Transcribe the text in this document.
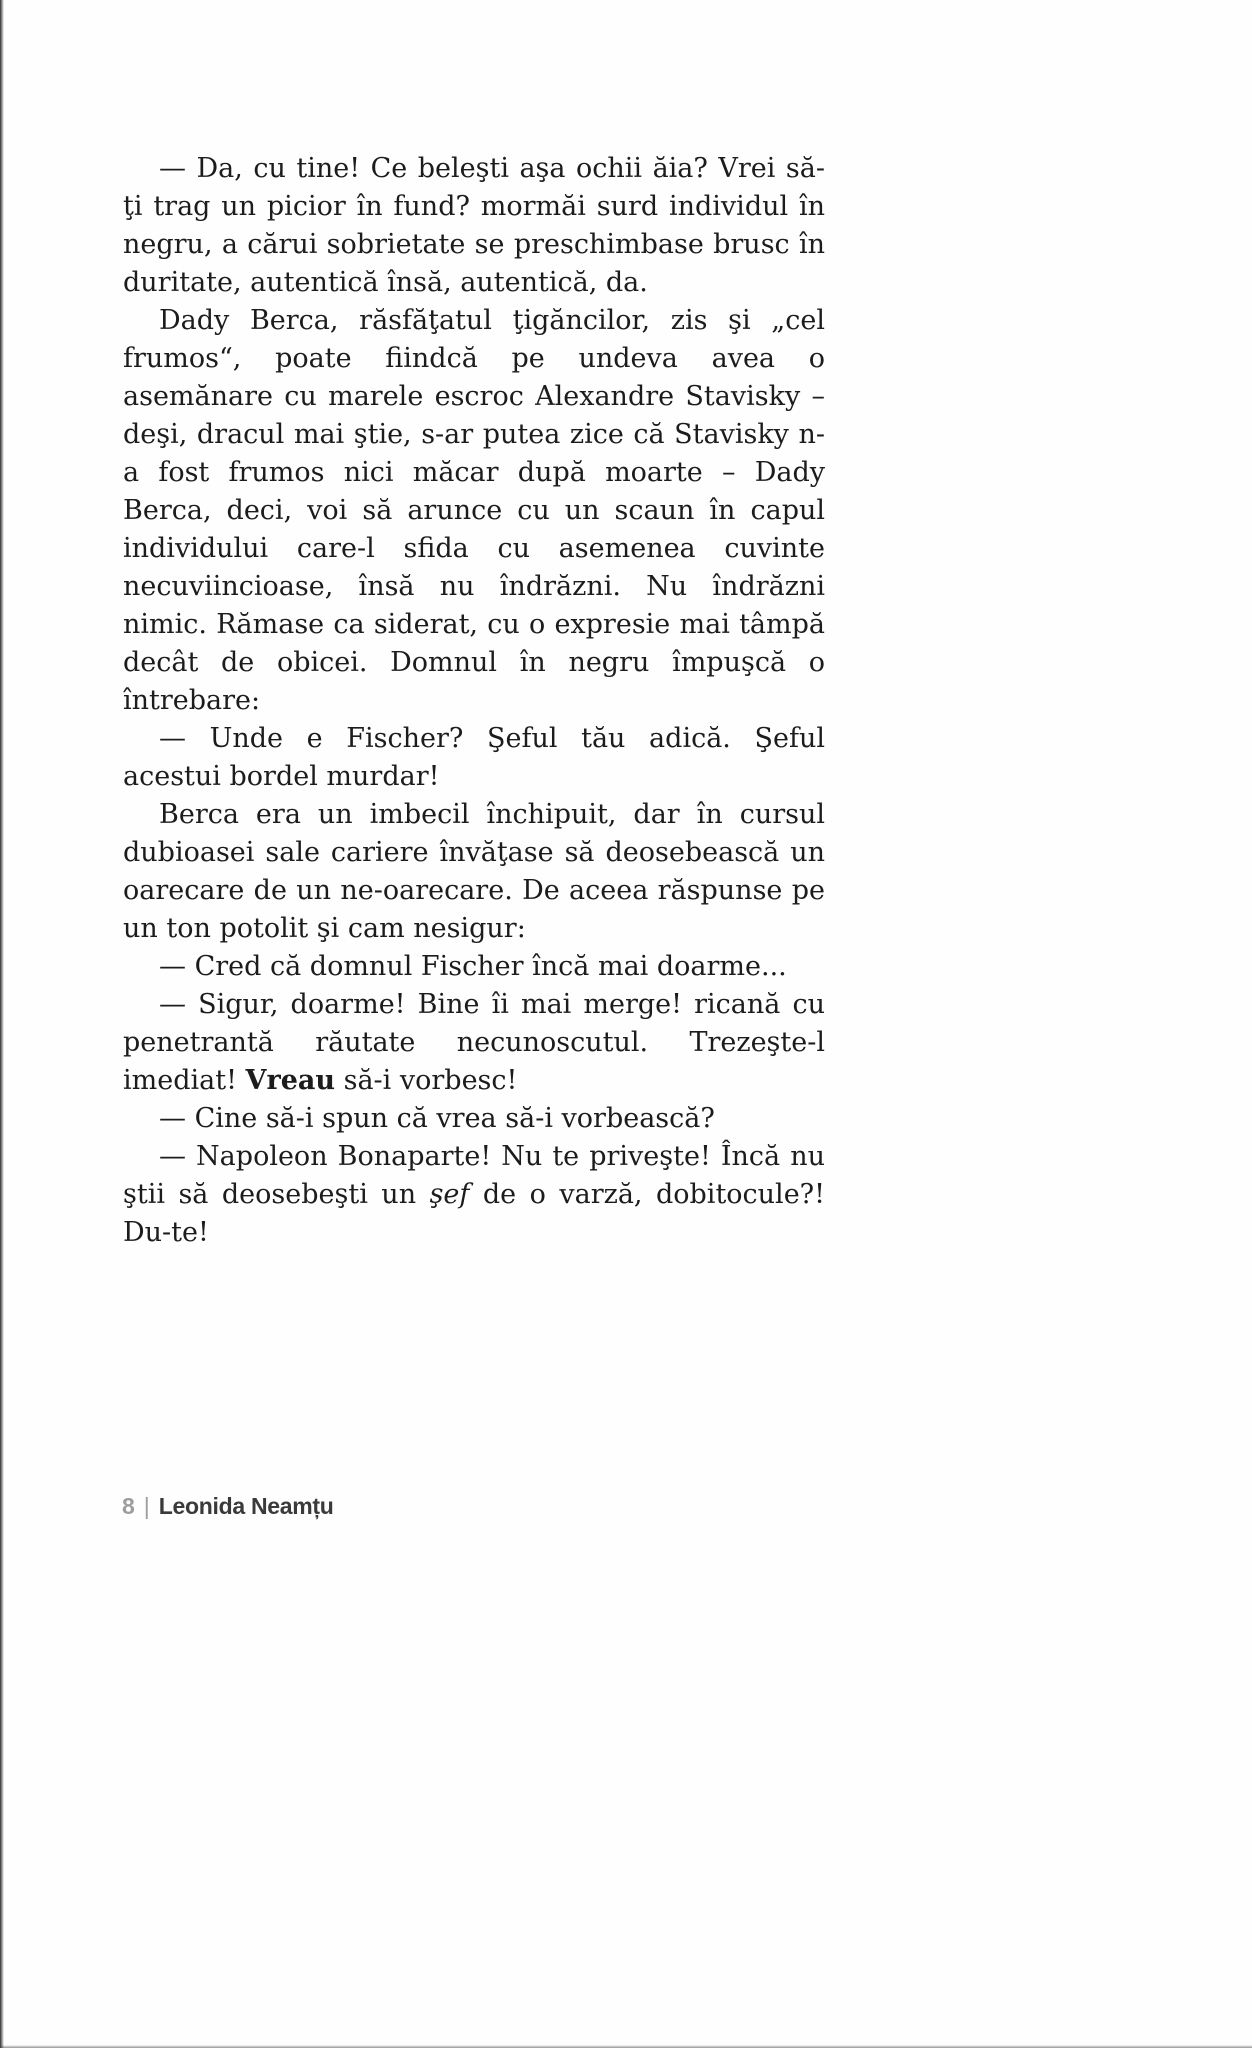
— Da, cu tine! Ce beleşti aşa ochii ăia? Vrei să-ţi trag un picior în fund? mormăi surd individul în negru, a cărui sobrietate se preschimbase brusc în duritate, autentică însă, autentică, da.

Dady Berca, răsfăţatul ţigăncilor, zis şi „cel frumos“, poate fiindcă pe undeva avea o asemănare cu marele escroc Alexandre Stavisky – deşi, dracul mai ştie, s-ar putea zice că Stavisky n-a fost frumos nici măcar după moarte – Dady Berca, deci, voi să arunce cu un scaun în capul individului care-l sfida cu asemenea cuvinte necuviincioase, însă nu îndrăzni. Nu îndrăzni nimic. Rămase ca siderat, cu o expresie mai tâmpă decât de obicei. Domnul în negru împuşcă o întrebare:

— Unde e Fischer? Şeful tău adică. Şeful acestui bordel murdar!

Berca era un imbecil închipuit, dar în cursul dubioasei sale cariere învăţase să deosebească un oarecare de un ne-oarecare. De aceea răspunse pe un ton potolit şi cam nesigur:

— Cred că domnul Fischer încă mai doarme...

— Sigur, doarme! Bine îi mai merge! ricană cu penetrantă răutate necunoscutul. Trezeşte-l imediat! Vreau să-i vorbesc!

— Cine să-i spun că vrea să-i vorbească?

— Napoleon Bonaparte! Nu te priveşte! Încă nu ştii să deosebeşti un şef de o varză, dobitocule?! Du-te!

8 | Leonida Neamțu
